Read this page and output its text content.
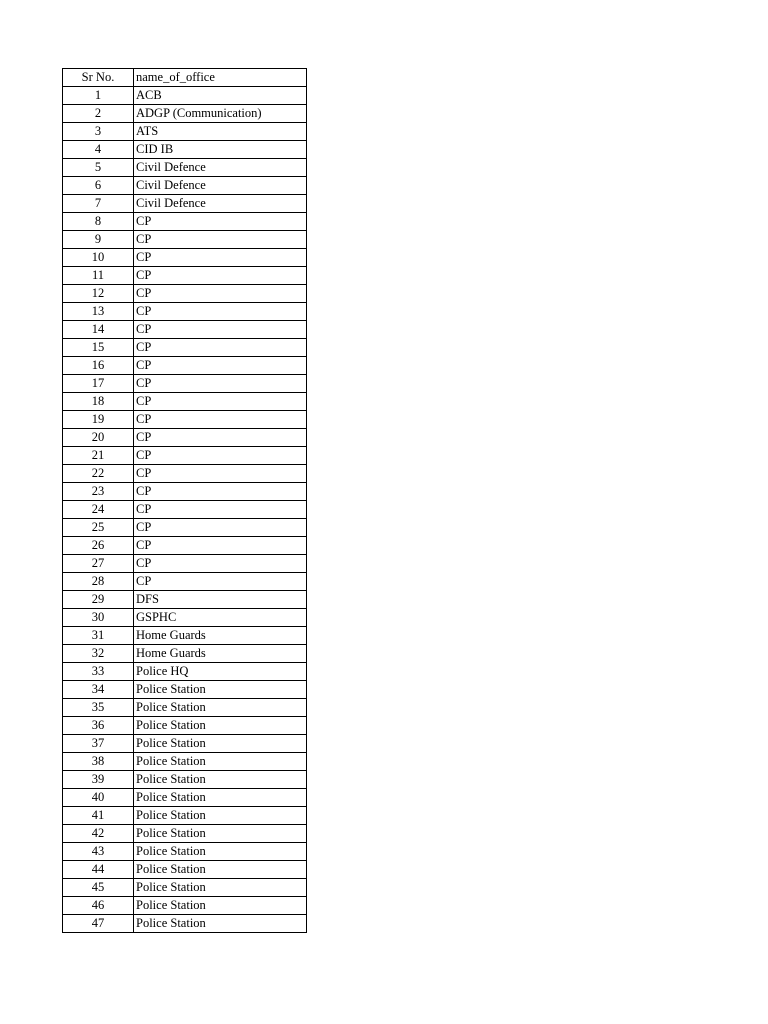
Sr No.	name_of_office
1	ACB
2	ADGP (Communication)
3	ATS
4	CID IB
5	Civil Defence
6	Civil Defence
7	Civil Defence
8	CP
9	CP
10	CP
11	CP
12	CP
13	CP
14	CP
15	CP
16	CP
17	CP
18	CP
19	CP
20	CP
21	CP
22	CP
23	CP
24	CP
25	CP
26	CP
27	CP
28	CP
29	DFS
30	GSPHC
31	Home Guards
32	Home Guards
33	Police HQ
34	Police Station
35	Police Station
36	Police Station
37	Police Station
38	Police Station
39	Police Station
40	Police Station
41	Police Station
42	Police Station
43	Police Station
44	Police Station
45	Police Station
46	Police Station
47	Police Station
